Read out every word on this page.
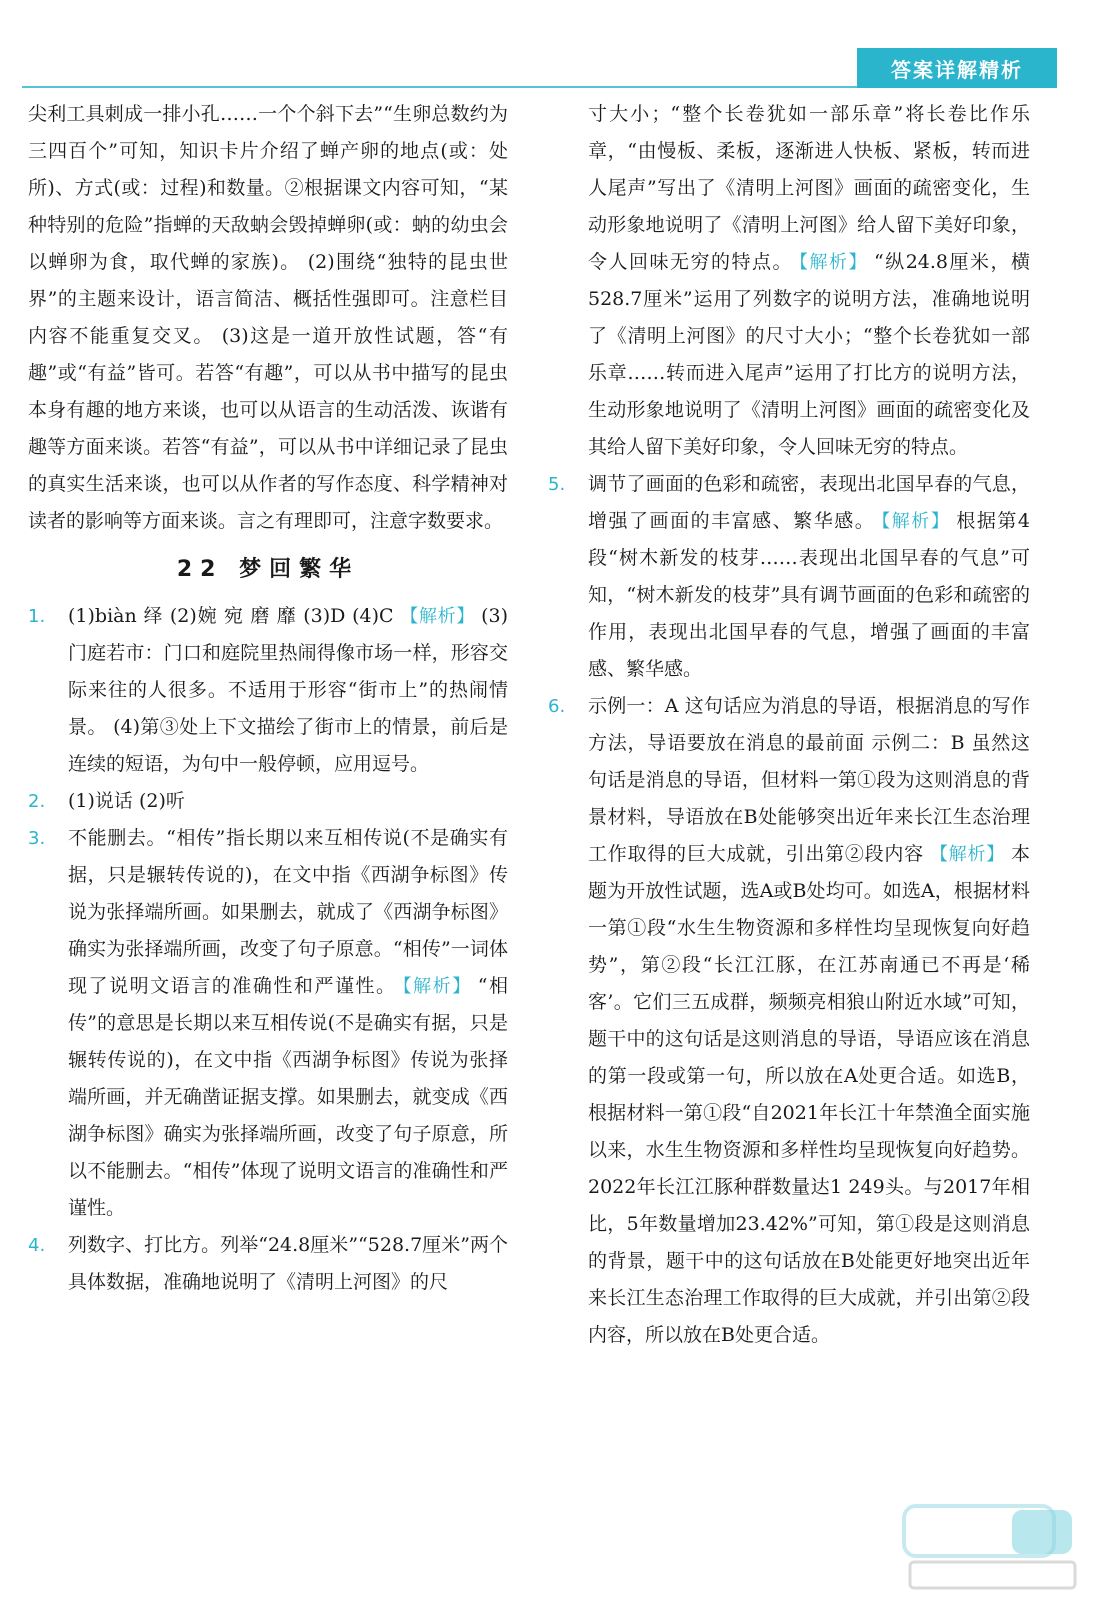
答案详解精析

尖利工具刺成一排小孔……一个个斜下去”“生卵总数约为三四百个”可知，知识卡片介绍了蝉产卵的地点(或：处所)、方式(或：过程)和数量。②根据课文内容可知，“某种特别的危险”指蝉的天敌蚋会毁掉蝉卵(或：蚋的幼虫会以蝉卵为食，取代蝉的家族)。 (2)围绕“独特的昆虫世界”的主题来设计，语言简洁、概括性强即可。注意栏目内容不能重复交叉。 (3)这是一道开放性试题，答“有趣”或“有益”皆可。若答“有趣”，可以从书中描写的昆虫本身有趣的地方来谈，也可以从语言的生动活泼、诙谐有趣等方面来谈。若答“有益”，可以从书中详细记录了昆虫的真实生活来谈，也可以从作者的写作态度、科学精神对读者的影响等方面来谈。言之有理即可，注意字数要求。

22 梦回繁华
1. (1)biàn 绎 (2)婉 宛 磨 靡 (3)D (4)C 【解析】 (3)门庭若市：门口和庭院里热闹得像市场一样，形容交际来往的人很多。不适用于形容“街市上”的热闹情景。 (4)第③处上下文描绘了街市上的情景，前后是连续的短语，为句中一般停顿，应用逗号。
2. (1)说话 (2)听
3. 不能删去。“相传”指长期以来互相传说(不是确实有据，只是辗转传说的)，在文中指《西湖争标图》传说为张择端所画。如果删去，就成了《西湖争标图》确实为张择端所画，改变了句子原意。“相传”一词体现了说明文语言的准确性和严谨性。 【解析】 “相传”的意思是长期以来互相传说(不是确实有据，只是辗转传说的)，在文中指《西湖争标图》传说为张择端所画，并无确凿证据支撑。如果删去，就变成《西湖争标图》确实为张择端所画，改变了句子原意，所以不能删去。“相传”体现了说明文语言的准确性和严谨性。
4. 列数字、打比方。列举“24.8厘米”“528.7厘米”两个具体数据，准确地说明了《清明上河图》的尺

寸大小；“整个长卷犹如一部乐章”将长卷比作乐章，“由慢板、柔板，逐渐进人快板、紧板，转而进人尾声”写出了《清明上河图》画面的疏密变化，生动形象地说明了《清明上河图》给人留下美好印象，令人回味无穷的特点。 【解析】 “纵24.8厘米，横528.7厘米”运用了列数字的说明方法，准确地说明了《清明上河图》的尺寸大小；“整个长卷犹如一部乐章……转而进入尾声”运用了打比方的说明方法，生动形象地说明了《清明上河图》画面的疏密变化及其给人留下美好印象，令人回味无穷的特点。

5. 调节了画面的色彩和疏密，表现出北国早春的气息，增强了画面的丰富感、繁华感。 【解析】 根据第4段“树木新发的枝芽……表现出北国早春的气息”可知，“树木新发的枝芽”具有调节画面的色彩和疏密的作用，表现出北国早春的气息，增强了画面的丰富感、繁华感。
6. 示例一：A 这句话应为消息的导语，根据消息的写作方法，导语要放在消息的最前面 示例二：B 虽然这句话是消息的导语，但材料一第①段为这则消息的背景材料，导语放在B处能够突出近年来长江生态治理工作取得的巨大成就，引出第②段内容 【解析】 本题为开放性试题，选A或B处均可。如选A，根据材料一第①段“水生生物资源和多样性均呈现恢复向好趋势”，第②段“长江江豚，在江苏南通已不再是‘稀客’。它们三五成群，频频亮相狼山附近水域”可知，题干中的这句话是这则消息的导语，导语应该在消息的第一段或第一句，所以放在A处更合适。如选B，根据材料一第①段“自2021年长江十年禁渔全面实施以来，水生生物资源和多样性均呈现恢复向好趋势。2022年长江江豚种群数量达1 249头。与2017年相比，5年数量增加23.42%”可知，第①段是这则消息的背景，题干中的这句话放在B处能更好地突出近年来长江生态治理工作取得的巨大成就，并引出第②段内容，所以放在B处更合适。
